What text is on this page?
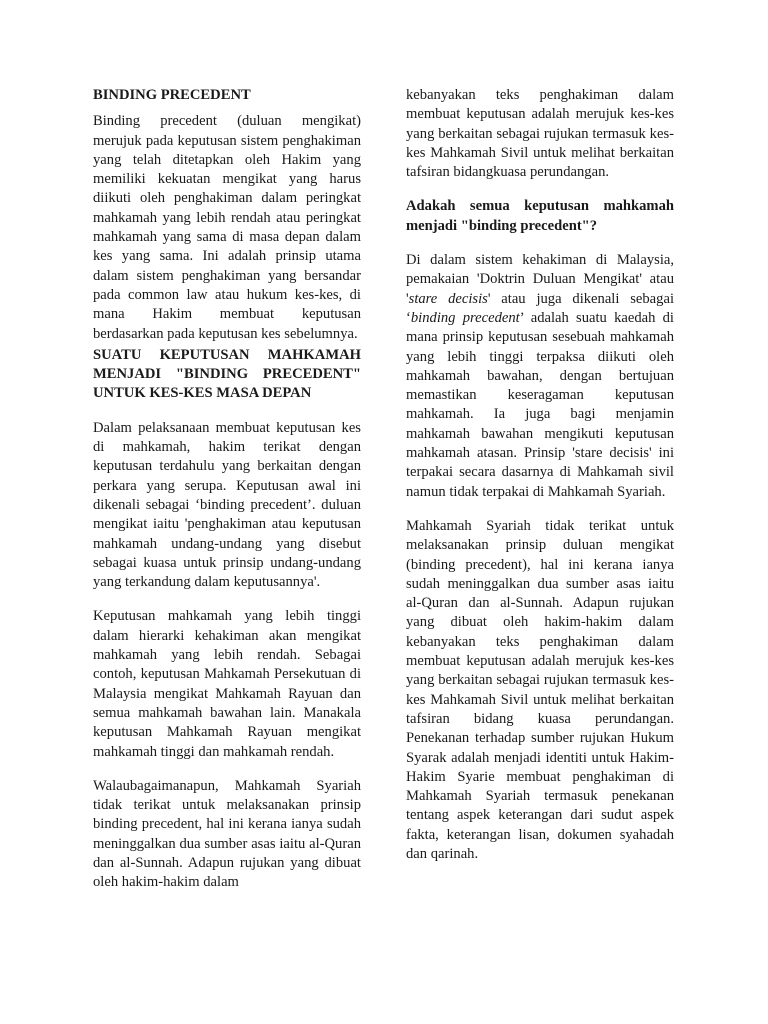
BINDING PRECEDENT

Binding precedent (duluan mengikat) merujuk pada keputusan sistem penghakiman yang telah ditetapkan oleh Hakim yang memiliki kekuatan mengikat yang harus diikuti oleh penghakiman dalam peringkat mahkamah yang lebih rendah atau peringkat mahkamah yang sama di masa depan dalam kes yang sama. Ini adalah prinsip utama dalam sistem penghakiman yang bersandar pada common law atau hukum kes-kes, di mana Hakim membuat keputusan berdasarkan pada keputusan kes sebelumnya.

SUATU KEPUTUSAN MAHKAMAH MENJADI "BINDING PRECEDENT" UNTUK KES-KES MASA DEPAN

Dalam pelaksanaan membuat keputusan kes di mahkamah, hakim terikat dengan keputusan terdahulu yang berkaitan dengan perkara yang serupa. Keputusan awal ini dikenali sebagai ‘binding precedent’. duluan mengikat iaitu 'penghakiman atau keputusan mahkamah undang-undang yang disebut sebagai kuasa untuk prinsip undang-undang yang terkandung dalam keputusannya'.

Keputusan mahkamah yang lebih tinggi dalam hierarki kehakiman akan mengikat mahkamah yang lebih rendah. Sebagai contoh, keputusan Mahkamah Persekutuan di Malaysia mengikat Mahkamah Rayuan dan semua mahkamah bawahan lain. Manakala keputusan Mahkamah Rayuan mengikat mahkamah tinggi dan mahkamah rendah.

Walaubagaimanapun, Mahkamah Syariah tidak terikat untuk melaksanakan prinsip binding precedent, hal ini kerana ianya sudah meninggalkan dua sumber asas iaitu al-Quran dan al-Sunnah. Adapun rujukan yang dibuat oleh hakim-hakim dalam

kebanyakan teks penghakiman dalam membuat keputusan adalah merujuk kes-kes yang berkaitan sebagai rujukan termasuk kes-kes Mahkamah Sivil untuk melihat berkaitan tafsiran bidangkuasa perundangan.

Adakah semua keputusan mahkamah menjadi "binding precedent"?

Di dalam sistem kehakiman di Malaysia, pemakaian 'Doktrin Duluan Mengikat' atau 'stare decisis' atau juga dikenali sebagai ‘binding precedent’ adalah suatu kaedah di mana prinsip keputusan sesebuah mahkamah yang lebih tinggi terpaksa diikuti oleh mahkamah bawahan, dengan bertujuan memastikan keseragaman keputusan mahkamah. Ia juga bagi menjamin mahkamah bawahan mengikuti keputusan mahkamah atasan. Prinsip 'stare decisis' ini terpakai secara dasarnya di Mahkamah sivil namun tidak terpakai di Mahkamah Syariah.

Mahkamah Syariah tidak terikat untuk melaksanakan prinsip duluan mengikat (binding precedent), hal ini kerana ianya sudah meninggalkan dua sumber asas iaitu al-Quran dan al-Sunnah. Adapun rujukan yang dibuat oleh hakim-hakim dalam kebanyakan teks penghakiman dalam membuat keputusan adalah merujuk kes-kes yang berkaitan sebagai rujukan termasuk kes-kes Mahkamah Sivil untuk melihat berkaitan tafsiran bidang kuasa perundangan. Penekanan terhadap sumber rujukan Hukum Syarak adalah menjadi identiti untuk Hakim-Hakim Syarie membuat penghakiman di Mahkamah Syariah termasuk penekanan tentang aspek keterangan dari sudut aspek fakta, keterangan lisan, dokumen syahadah dan qarinah.
